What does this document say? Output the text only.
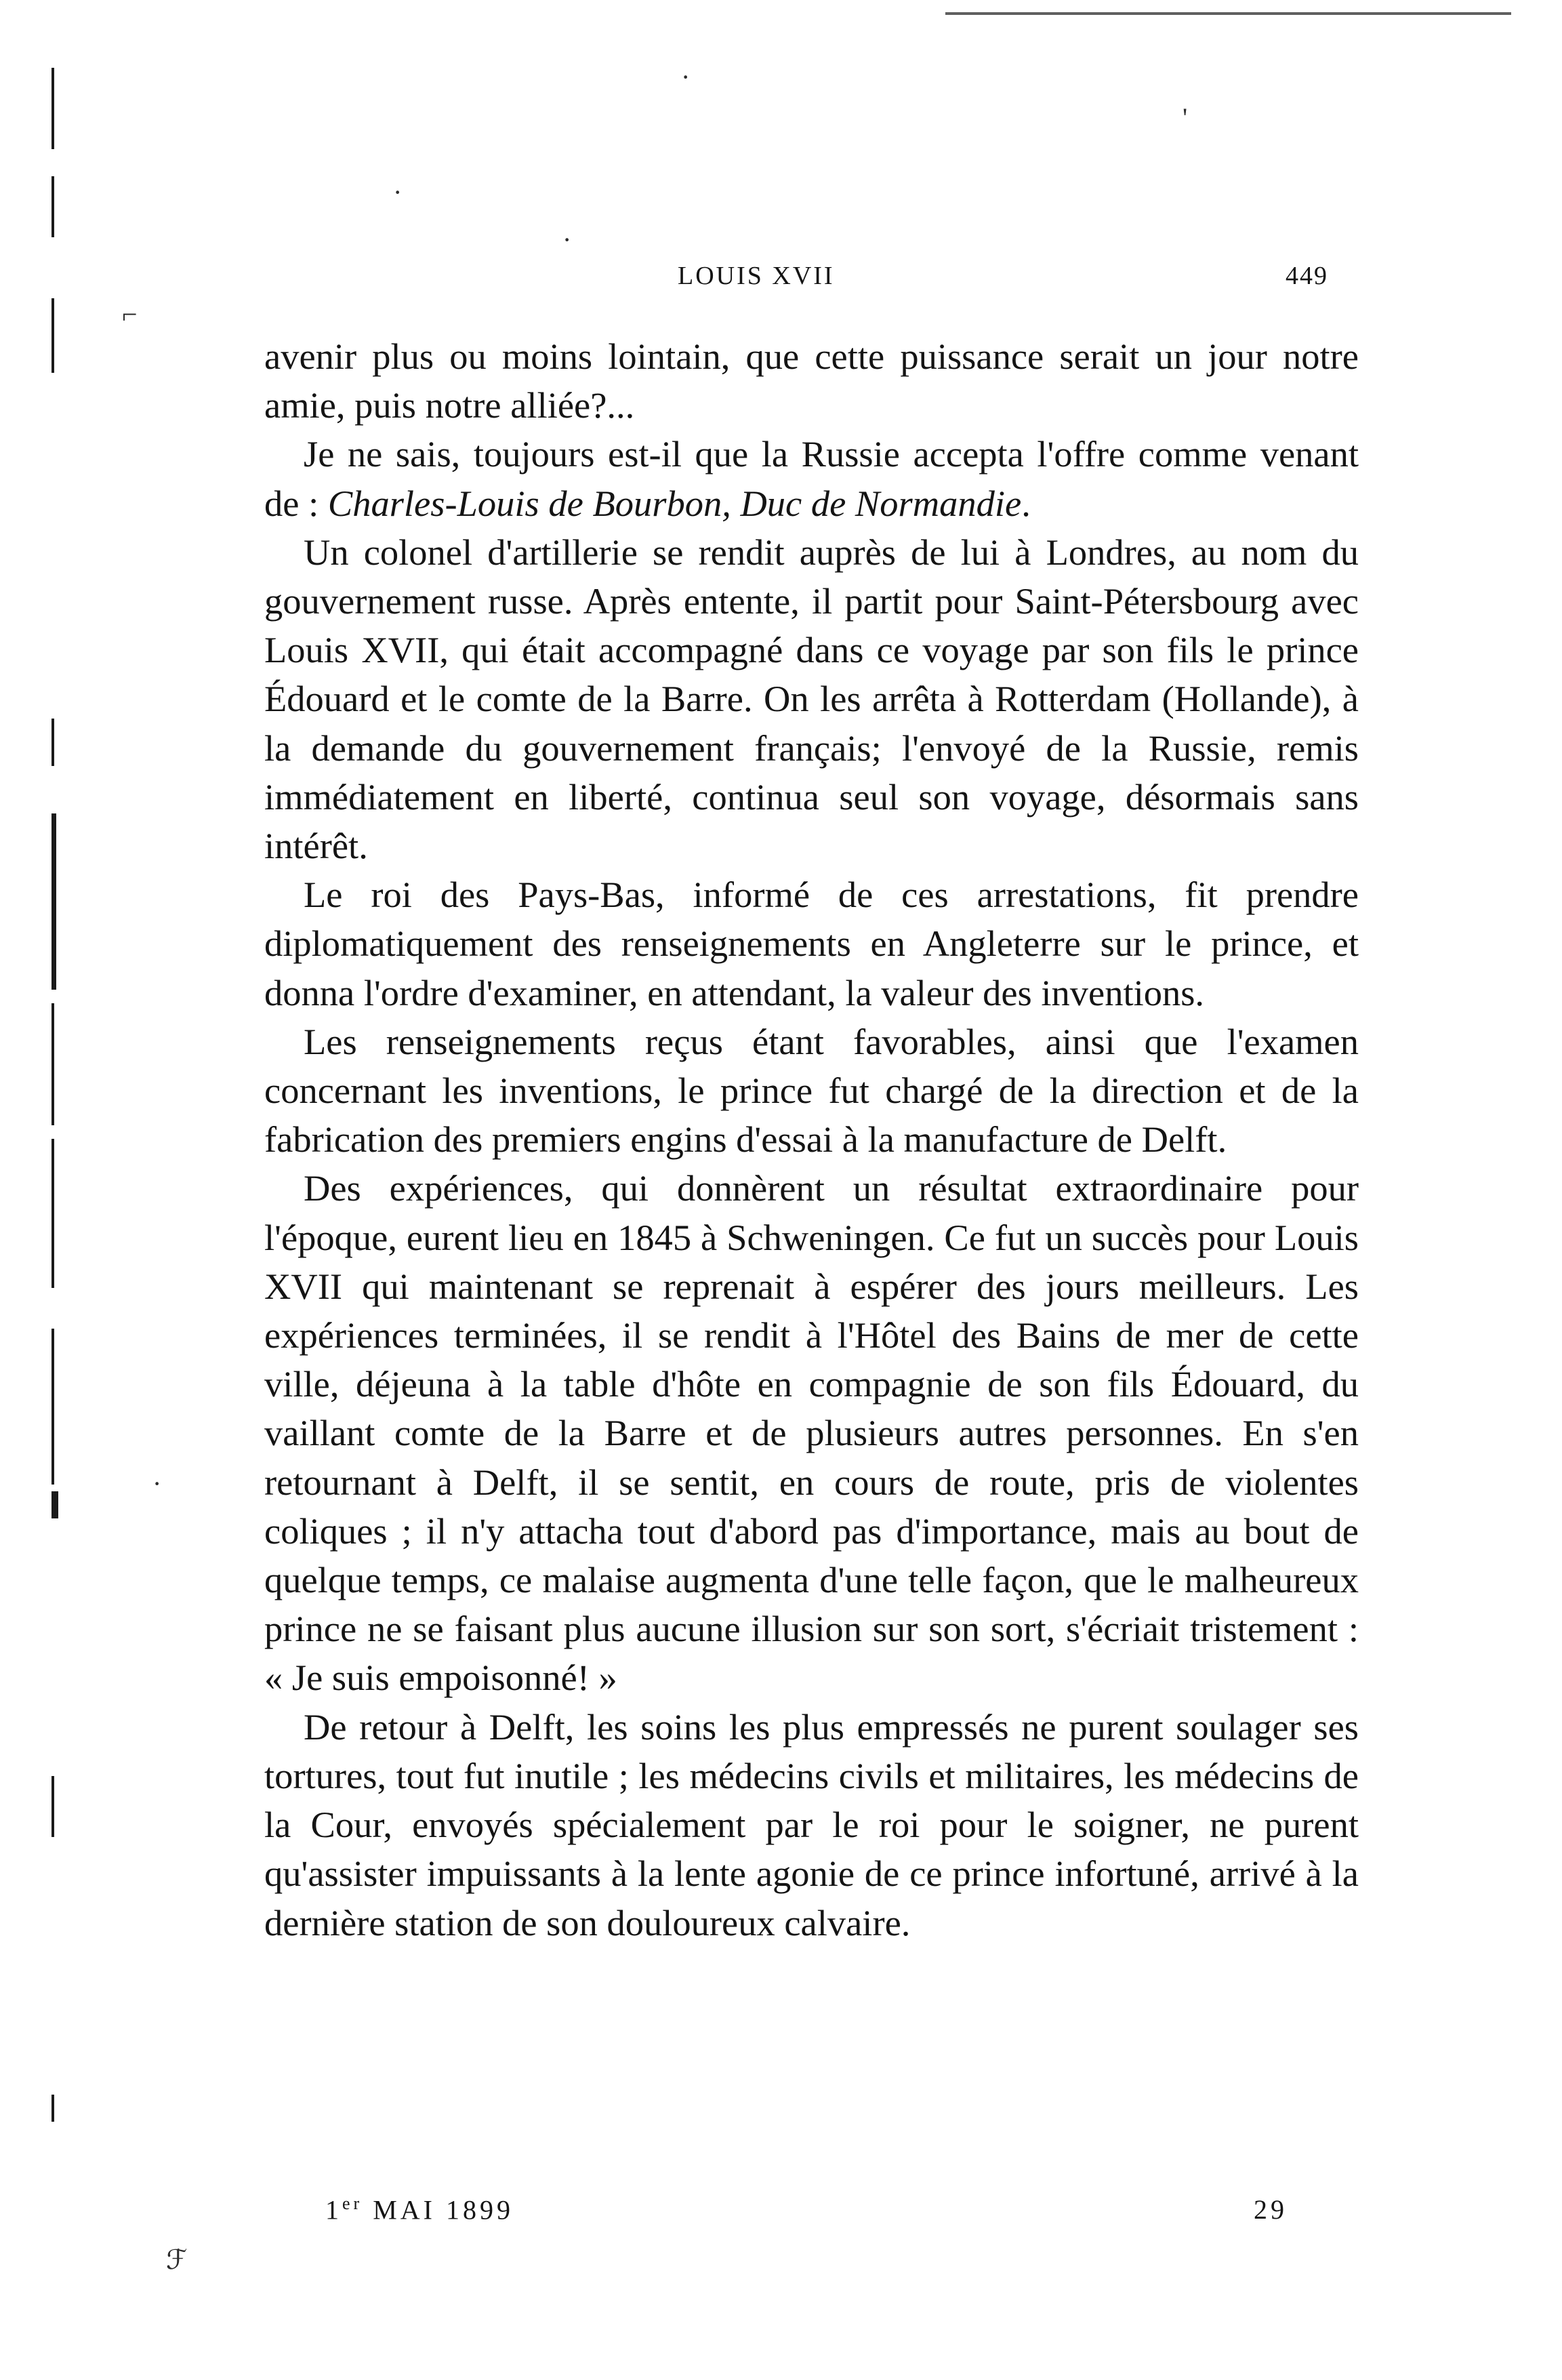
⌐
·
'
·
·
·
ℱ
LOUIS XVII	449

avenir plus ou moins lointain, que cette puissance serait un jour notre amie, puis notre alliée?...

Je ne sais, toujours est-il que la Russie accepta l'offre comme venant de : Charles-Louis de Bourbon, Duc de Normandie.

Un colonel d'artillerie se rendit auprès de lui à Londres, au nom du gouvernement russe. Après entente, il partit pour Saint-Pétersbourg avec Louis XVII, qui était accompagné dans ce voyage par son fils le prince Édouard et le comte de la Barre. On les arrêta à Rotterdam (Hollande), à la demande du gouvernement français; l'envoyé de la Russie, remis immédiatement en liberté, continua seul son voyage, désormais sans intérêt.

Le roi des Pays-Bas, informé de ces arrestations, fit prendre diplomatiquement des renseignements en Angleterre sur le prince, et donna l'ordre d'examiner, en attendant, la valeur des inventions.

Les renseignements reçus étant favorables, ainsi que l'examen concernant les inventions, le prince fut chargé de la direction et de la fabrication des premiers engins d'essai à la manufacture de Delft.

Des expériences, qui donnèrent un résultat extraordinaire pour l'époque, eurent lieu en 1845 à Schweningen. Ce fut un succès pour Louis XVII qui maintenant se reprenait à espérer des jours meilleurs. Les expériences terminées, il se rendit à l'Hôtel des Bains de mer de cette ville, déjeuna à la table d'hôte en compagnie de son fils Édouard, du vaillant comte de la Barre et de plusieurs autres personnes. En s'en retournant à Delft, il se sentit, en cours de route, pris de violentes coliques ; il n'y attacha tout d'abord pas d'importance, mais au bout de quelque temps, ce malaise augmenta d'une telle façon, que le malheureux prince ne se faisant plus aucune illusion sur son sort, s'écriait tristement : « Je suis empoisonné! »

De retour à Delft, les soins les plus empressés ne purent soulager ses tortures, tout fut inutile ; les médecins civils et militaires, les médecins de la Cour, envoyés spécialement par le roi pour le soigner, ne purent qu'assister impuissants à la lente agonie de ce prince infortuné, arrivé à la dernière station de son douloureux calvaire.

1er MAI 1899	29
